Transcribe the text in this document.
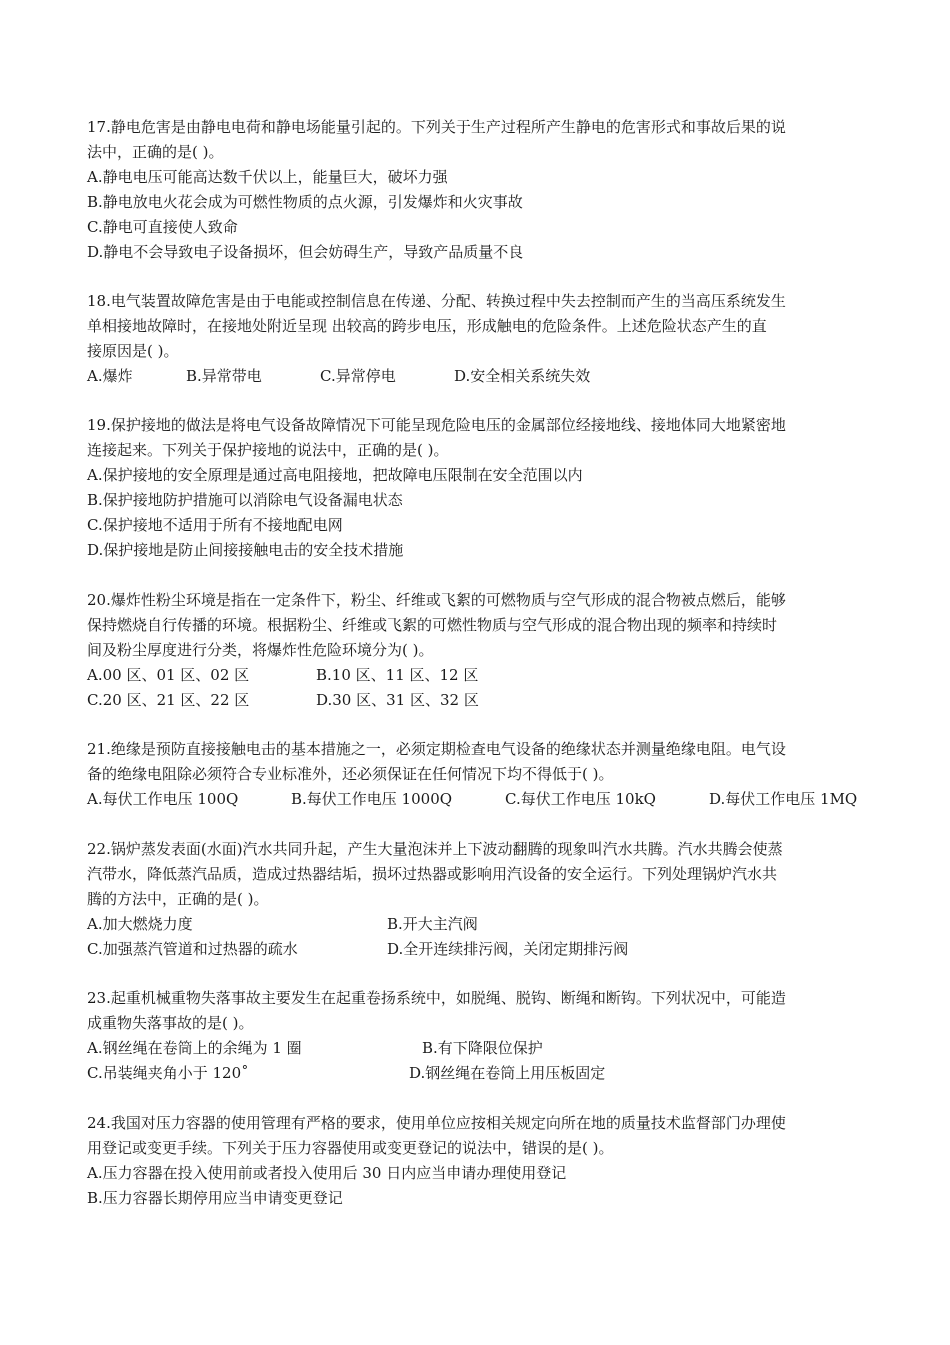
17.静电危害是由静电电荷和静电场能量引起的。下列关于生产过程所产生静电的危害形式和事故后果的说
法中，正确的是( )。
A.静电电压可能高达数千伏以上，能量巨大，破坏力强
B.静电放电火花会成为可燃性物质的点火源，引发爆炸和火灾事故
C.静电可直接使人致命
D.静电不会导致电子设备损坏，但会妨碍生产，导致产品质量不良
18.电气装置故障危害是由于电能或控制信息在传递、分配、转换过程中失去控制而产生的当高压系统发生
单相接地故障时，在接地处附近呈现 出较高的跨步电压，形成触电的危险条件。上述危险状态产生的直
接原因是( )。
A.爆炸	B.异常带电	C.异常停电	D.安全相关系统失效
19.保护接地的做法是将电气设备故障情况下可能呈现危险电压的金属部位经接地线、接地体同大地紧密地
连接起来。下列关于保护接地的说法中，正确的是( )。
A.保护接地的安全原理是通过高电阻接地，把故障电压限制在安全范围以内
B.保护接地防护措施可以消除电气设备漏电状态
C.保护接地不适用于所有不接地配电网
D.保护接地是防止间接接触电击的安全技术措施
20.爆炸性粉尘环境是指在一定条件下，粉尘、纤维或飞絮的可燃物质与空气形成的混合物被点燃后，能够
保持燃烧自行传播的环境。根据粉尘、纤维或飞絮的可燃性物质与空气形成的混合物出现的频率和持续时
间及粉尘厚度进行分类，将爆炸性危险环境分为( )。
A.00 区、01 区、02 区	B.10 区、11 区、12 区
C.20 区、21 区、22 区	D.30 区、31 区、32 区
21.绝缘是预防直接接触电击的基本措施之一，必须定期检查电气设备的绝缘状态并测量绝缘电阻。电气设
备的绝缘电阻除必须符合专业标准外，还必须保证在任何情况下均不得低于( )。
A.每伏工作电压 100Q	B.每伏工作电压 1000Q	C.每伏工作电压 10kQ	D.每伏工作电压 1MQ
22.锅炉蒸发表面(水面)汽水共同升起，产生大量泡沫并上下波动翻腾的现象叫汽水共腾。汽水共腾会使蒸
汽带水，降低蒸汽品质，造成过热器结垢，损坏过热器或影响用汽设备的安全运行。下列处理锅炉汽水共
腾的方法中，正确的是( )。
A.加大燃烧力度	B.开大主汽阀
C.加强蒸汽管道和过热器的疏水	D.全开连续排污阀，关闭定期排污阀
23.起重机械重物失落事故主要发生在起重卷扬系统中，如脱绳、脱钩、断绳和断钩。下列状况中，可能造
成重物失落事故的是( )。
A.钢丝绳在卷筒上的余绳为 1 圈	B.有下降限位保护
C.吊装绳夹角小于 120˚	D.钢丝绳在卷筒上用压板固定
24.我国对压力容器的使用管理有严格的要求，使用单位应按相关规定向所在地的质量技术监督部门办理使
用登记或变更手续。下列关于压力容器使用或变更登记的说法中，错误的是( )。
A.压力容器在投入使用前或者投入使用后 30 日内应当申请办理使用登记
B.压力容器长期停用应当申请变更登记
